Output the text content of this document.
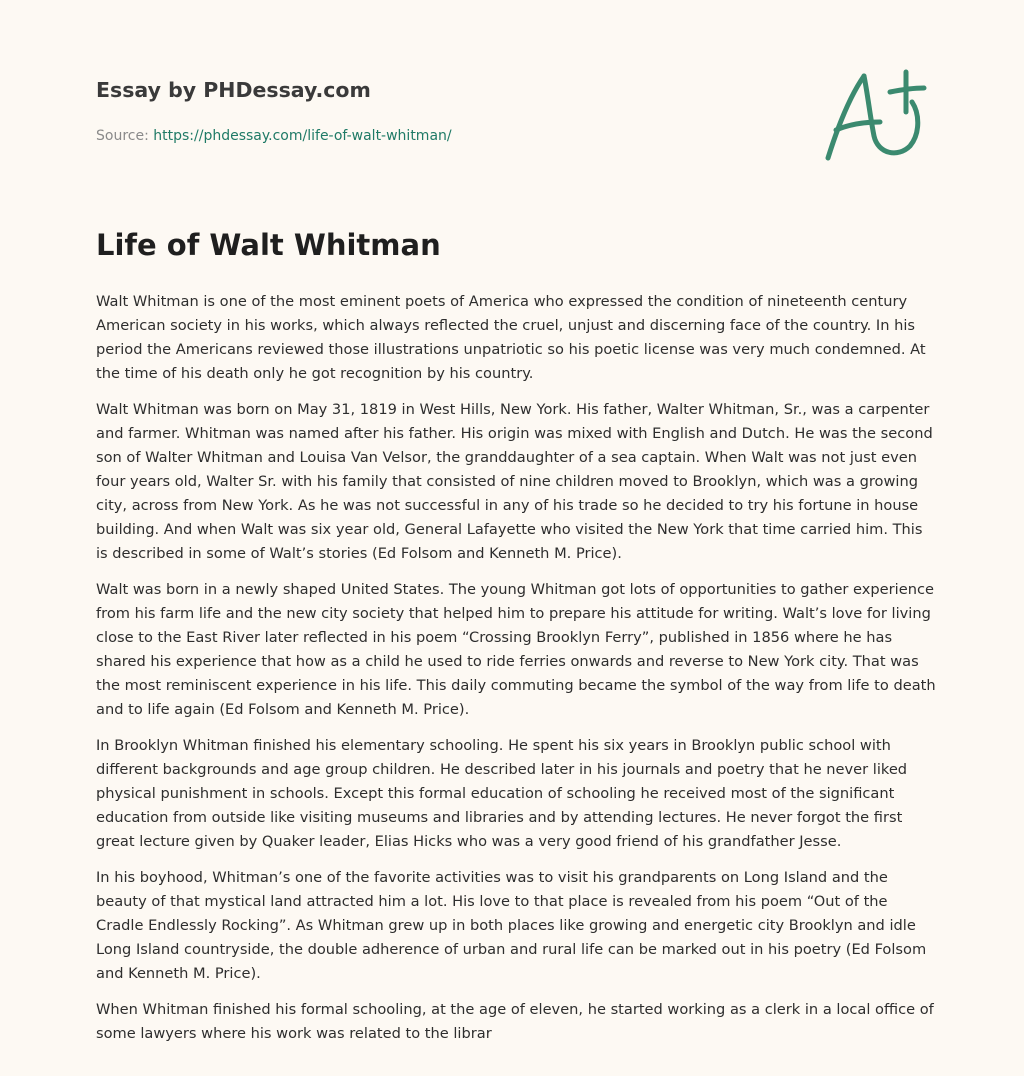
Essay by PHDessay.com
Source: https://phdessay.com/life-of-walt-whitman/
Life of Walt Whitman

Walt Whitman is one of the most eminent poets of America who expressed the condition of nineteenth century American society in his works, which always reflected the cruel, unjust and discerning face of the country. In his period the Americans reviewed those illustrations unpatriotic so his poetic license was very much condemned. At the time of his death only he got recognition by his country.

Walt Whitman was born on May 31, 1819 in West Hills, New York. His father, Walter Whitman, Sr., was a carpenter and farmer. Whitman was named after his father. His origin was mixed with English and Dutch. He was the second son of Walter Whitman and Louisa Van Velsor, the granddaughter of a sea captain. When Walt was not just even four years old, Walter Sr. with his family that consisted of nine children moved to Brooklyn, which was a growing city, across from New York. As he was not successful in any of his trade so he decided to try his fortune in house building. And when Walt was six year old, General Lafayette who visited the New York that time carried him. This is described in some of Walt’s stories (Ed Folsom and Kenneth M. Price).

Walt was born in a newly shaped United States. The young Whitman got lots of opportunities to gather experience from his farm life and the new city society that helped him to prepare his attitude for writing. Walt’s love for living close to the East River later reflected in his poem “Crossing Brooklyn Ferry”, published in 1856 where he has shared his experience that how as a child he used to ride ferries onwards and reverse to New York city. That was the most reminiscent experience in his life. This daily commuting became the symbol of the way from life to death and to life again (Ed Folsom and Kenneth M. Price).

In Brooklyn Whitman finished his elementary schooling. He spent his six years in Brooklyn public school with different backgrounds and age group children. He described later in his journals and poetry that he never liked physical punishment in schools. Except this formal education of schooling he received most of the significant education from outside like visiting museums and libraries and by attending lectures. He never forgot the first great lecture given by Quaker leader, Elias Hicks who was a very good friend of his grandfather Jesse.

In his boyhood, Whitman’s one of the favorite activities was to visit his grandparents on Long Island and the beauty of that mystical land attracted him a lot. His love to that place is revealed from his poem “Out of the Cradle Endlessly Rocking”. As Whitman grew up in both places like growing and energetic city Brooklyn and idle Long Island countryside, the double adherence of urban and rural life can be marked out in his poetry (Ed Folsom and Kenneth M. Price).

When Whitman finished his formal schooling, at the age of eleven, he started working as a clerk in a local office of some lawyers where his work was related to the librar
